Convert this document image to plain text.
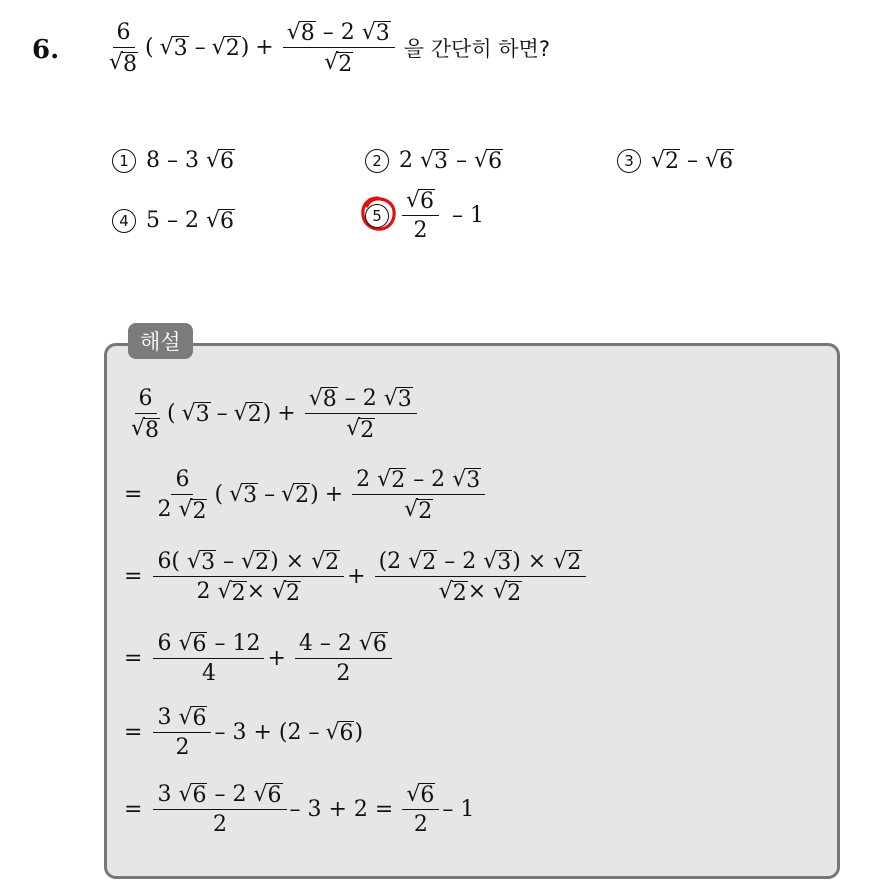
6. $\frac{6}{√ 8}$ ( √ 3 – √ 2 ) + $\frac{√ 8 - 2 √ 3}{√ 2}$ 을 간단히 하면?
1 8 – 3 √ 6	2 2 √ 3 – √ 6	3 √ 2 – √ 6
4 5 – 2 √ 6	$5 \frac{√ 6}{2} - 1$
해설
$\frac{6}{√ 8}$ ( √ 3 – √ 2 ) + $\frac{√ 8 - 2 √ 3}{√ 2}$
= $\frac{6}{2 √ 2}$ ( √ 3 – √ 2 ) + $\frac{2 √ 2 - 2 √ 3}{√ 2}$
= $\frac{6( √ 3 - √ 2 ) \times √ 2}{2 √ 2 \times √ 2} + \frac{(2 √ 2 - 2 √ 3 ) \times √ 2}{√ 2 \times √ 2}$
= $\frac{6 √ 6 - 12}{4} + \frac{4 - 2 √ 6}{2}$
= $\frac{3 √ 6}{2} - 3 + (2$ – √ 6 )
= $\frac{3 √ 6 - 2 √ 6}{2} - 3 + 2 = \frac{√ 6}{2} - 1$
